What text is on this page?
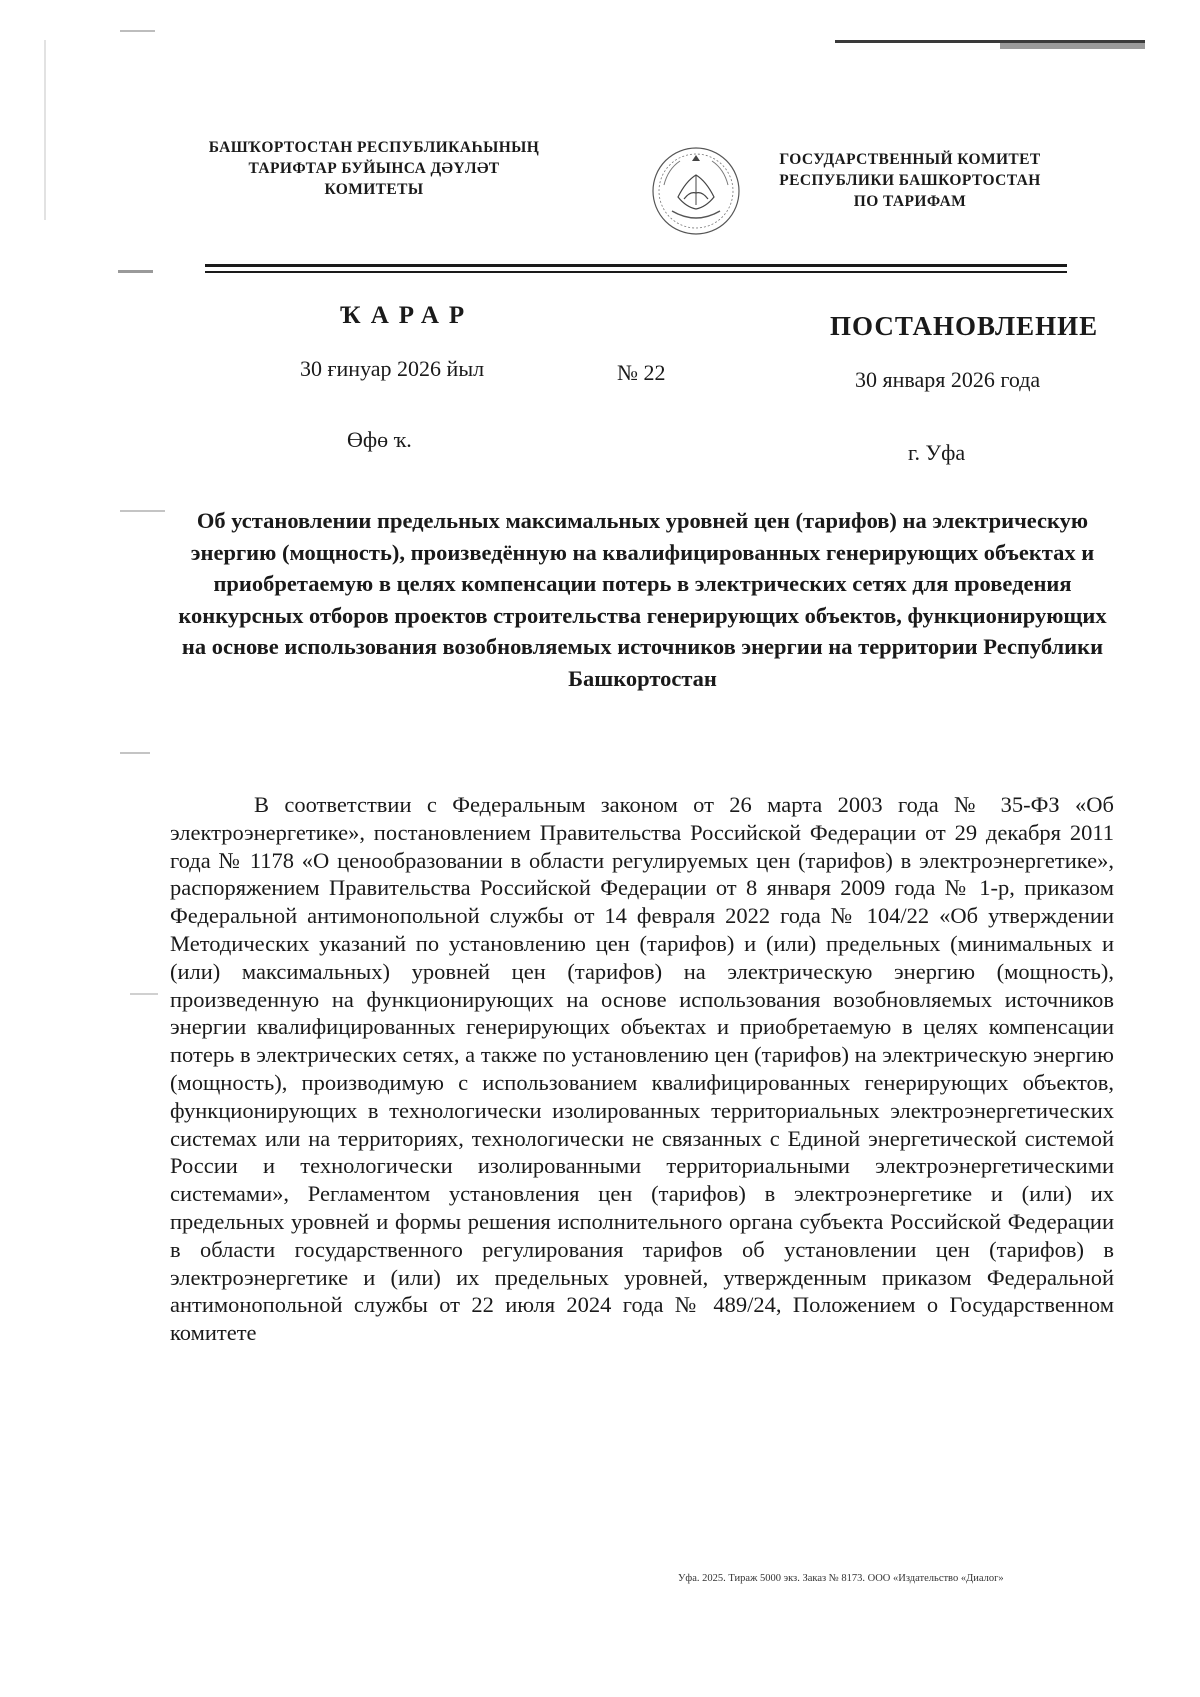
БАШҠОРТОСТАН РЕСПУБЛИКАҺЫНЫҢ
ТАРИФТАР БУЙЫНСА ДӘҮЛӘТ
КОМИТЕТЫ
ГОСУДАРСТВЕННЫЙ КОМИТЕТ
РЕСПУБЛИКИ БАШКОРТОСТАН
ПО ТАРИФАМ
ҠАРАР	ПОСТАНОВЛЕНИЕ
30 ғинуар 2026 йыл	№ 22	30 января 2026 года
Өфө ҡ.
г. Уфа
Об установлении предельных максимальных уровней цен (тарифов) на электрическую энергию (мощность), произведённую на квалифицированных генерирующих объектах и приобретаемую в целях компенсации потерь в электрических сетях для проведения конкурсных отборов проектов строительства генерирующих объектов, функционирующих на основе использования возобновляемых источников энергии на территории Республики Башкортостан

В соответствии с Федеральным законом от 26 марта 2003 года № 35-ФЗ «Об электроэнергетике», постановлением Правительства Российской Федерации от 29 декабря 2011 года № 1178 «О ценообразовании в области регулируемых цен (тарифов) в электроэнергетике», распоряжением Правительства Российской Федерации от 8 января 2009 года № 1-р, приказом Федеральной антимонопольной службы от 14 февраля 2022 года № 104/22 «Об утверждении Методических указаний по установлению цен (тарифов) и (или) предельных (минимальных и (или) максимальных) уровней цен (тарифов) на электрическую энергию (мощность), произведенную на функционирующих на основе использования возобновляемых источников энергии квалифицированных генерирующих объектах и приобретаемую в целях компенсации потерь в электрических сетях, а также по установлению цен (тарифов) на электрическую энергию (мощность), производимую с использованием квалифицированных генерирующих объектов, функционирующих в технологически изолированных территориальных электроэнергетических системах или на территориях, технологически не связанных с Единой энергетической системой России и технологически изолированными территориальными электроэнергетическими системами», Регламентом установления цен (тарифов) в электроэнергетике и (или) их предельных уровней и формы решения исполнительного органа субъекта Российской Федерации в области государственного регулирования тарифов об установлении цен (тарифов) в электроэнергетике и (или) их предельных уровней, утвержденным приказом Федеральной антимонопольной службы от 22 июля 2024 года № 489/24, Положением о Государственном комитете

Уфа. 2025. Тираж 5000 экз. Заказ № 8173. ООО «Издательство «Диалог»
